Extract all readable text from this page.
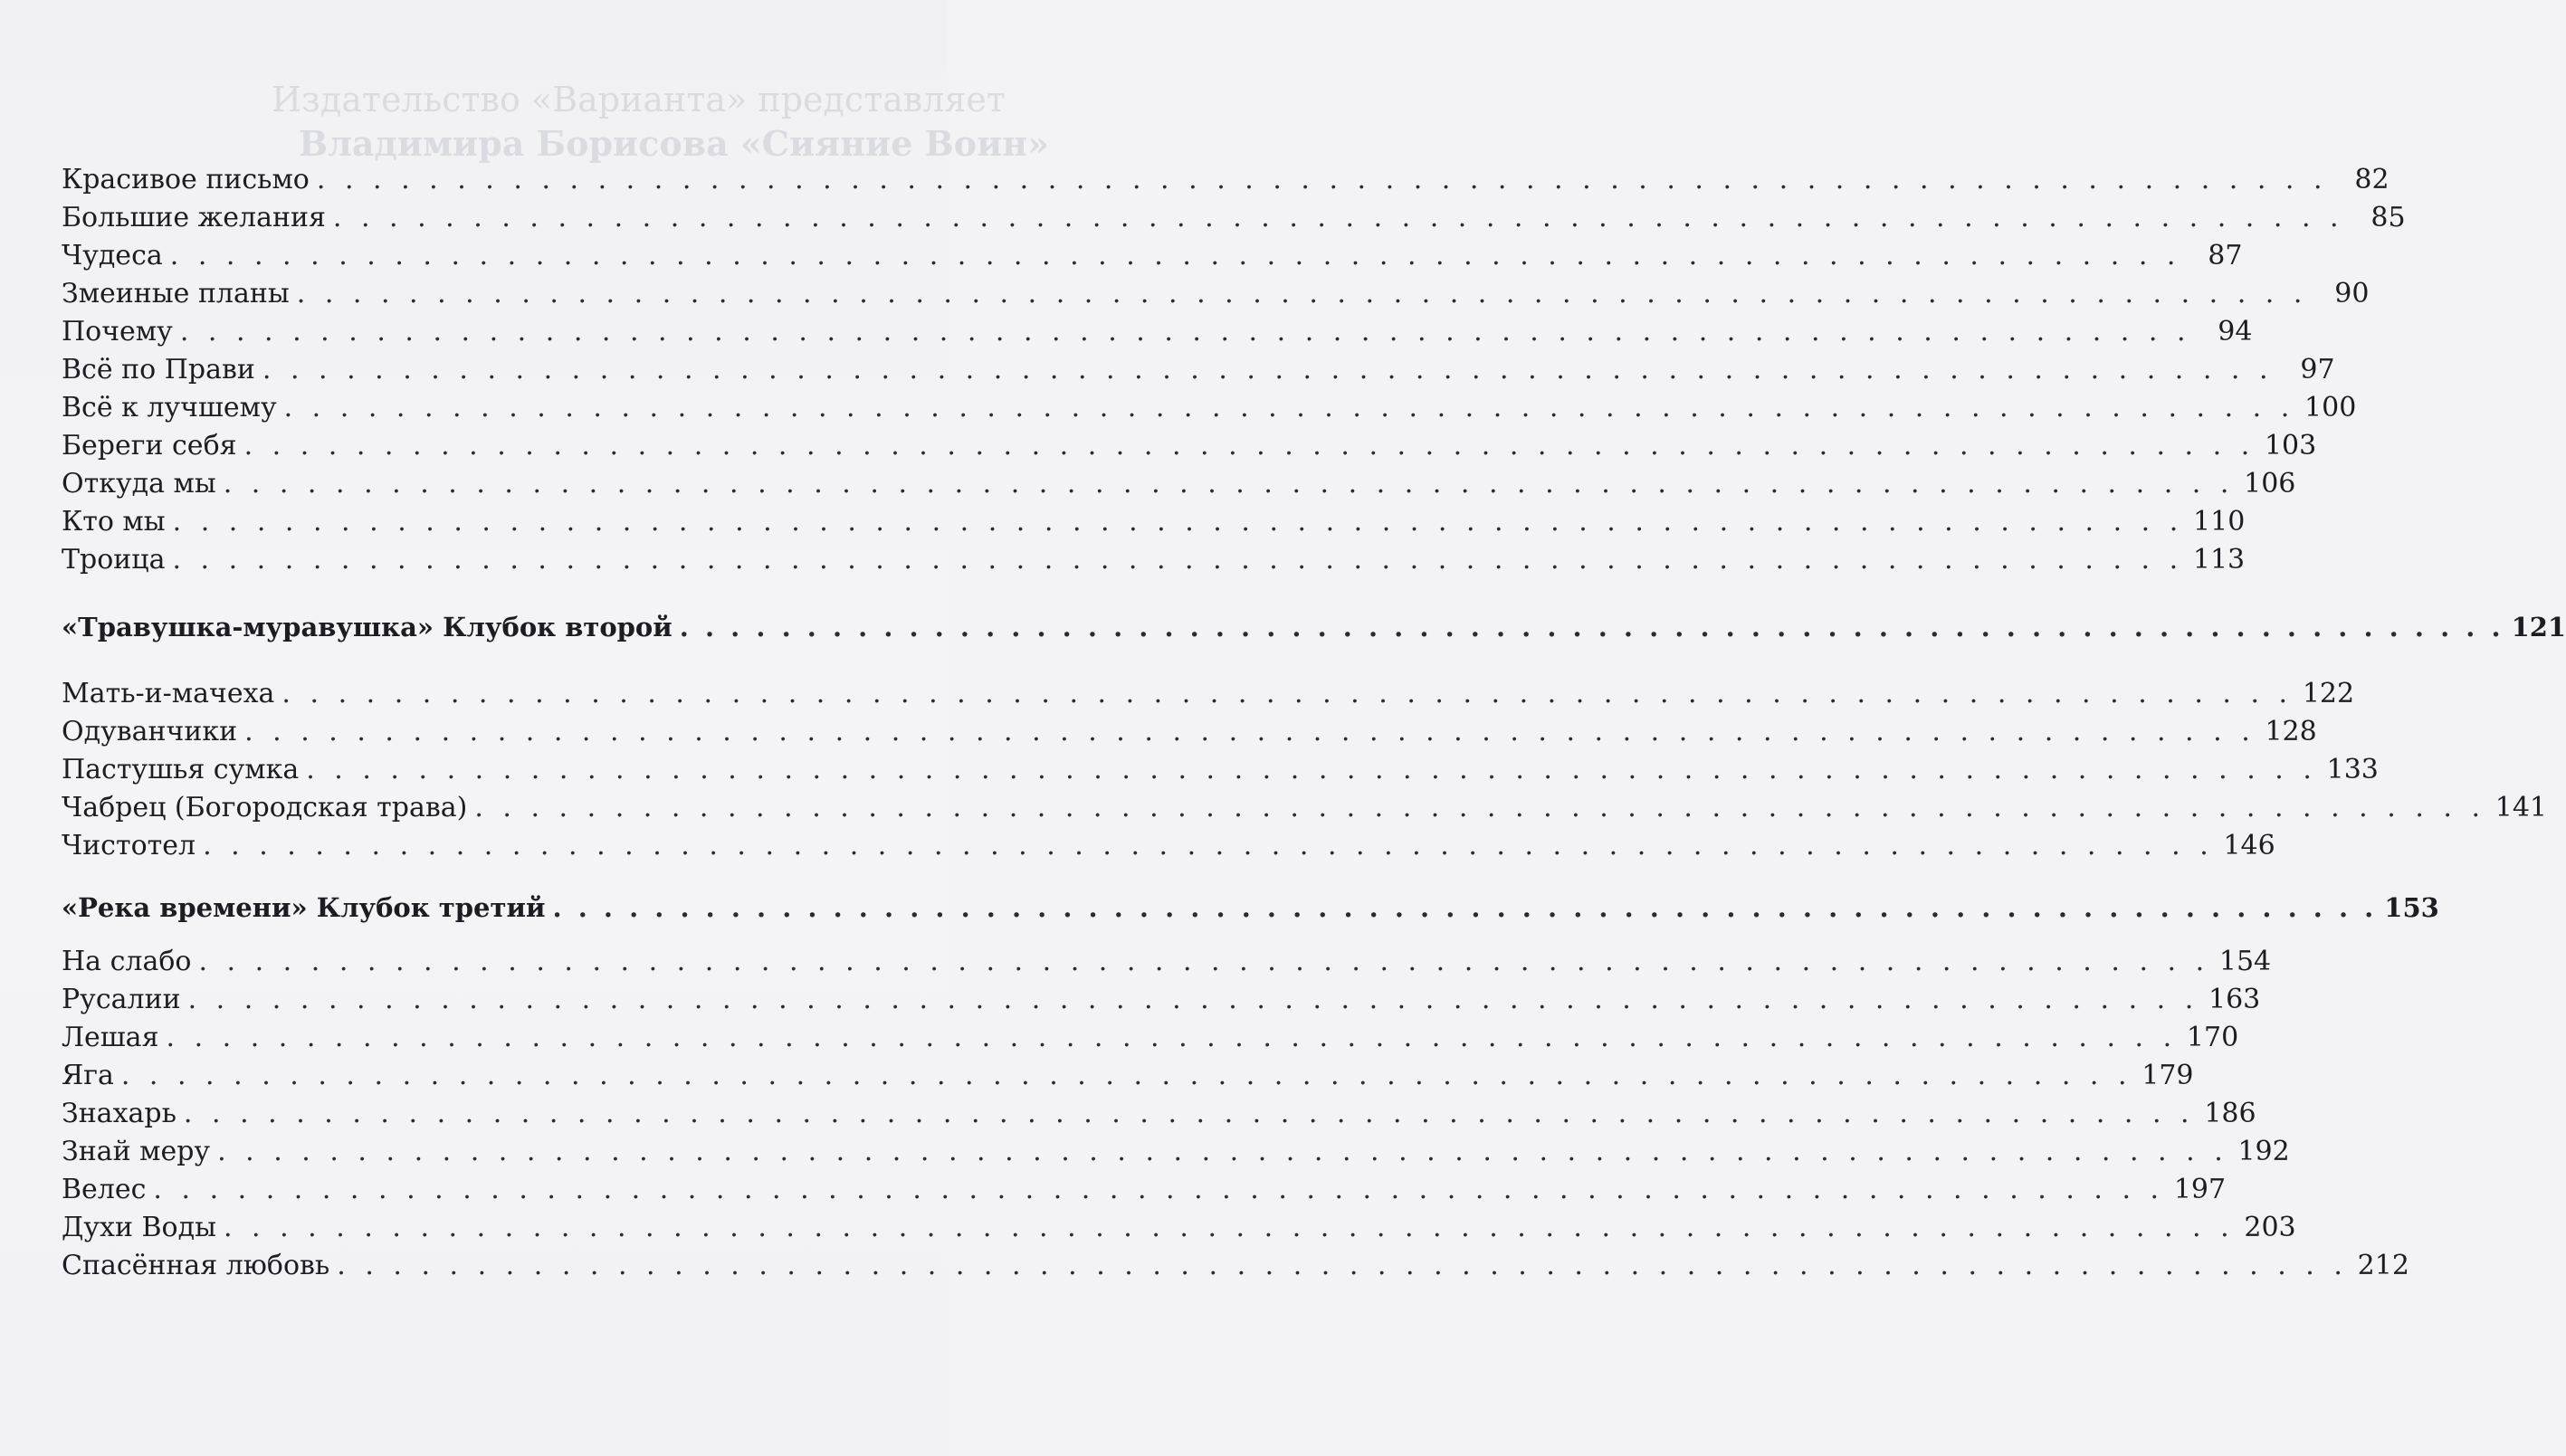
Издательство «Варианта» представляет
Владимира Борисова «Сияние Воин»
Красивое письмо . . .	82
Большие желания . . .	85
Чудеса . . .	87
Змеиные планы . . .	90
Почему . . .	94
Всё по Прави . . .	97
Всё к лучшему . . .	100
Береги себя . . .	103
Откуда мы . . .	106
Кто мы . . .	110
Троица . . .	113
«Травушка-муравушка» Клубок второй . . .	121
Мать-и-мачеха . . .	122
Одуванчики . . .	128
Пастушья сумка . . .	133
Чабрец (Богородская трава) . . .	141
Чистотел . . .	146
«Река времени» Клубок третий . . .	153
На слабо . . .	154
Русалии . . .	163
Лешая . . .	170
Яга . . .	179
Знахарь . . .	186
Знай меру . . .	192
Велес . . .	197
Духи Воды . . .	203
Спасённая любовь . . .	212
